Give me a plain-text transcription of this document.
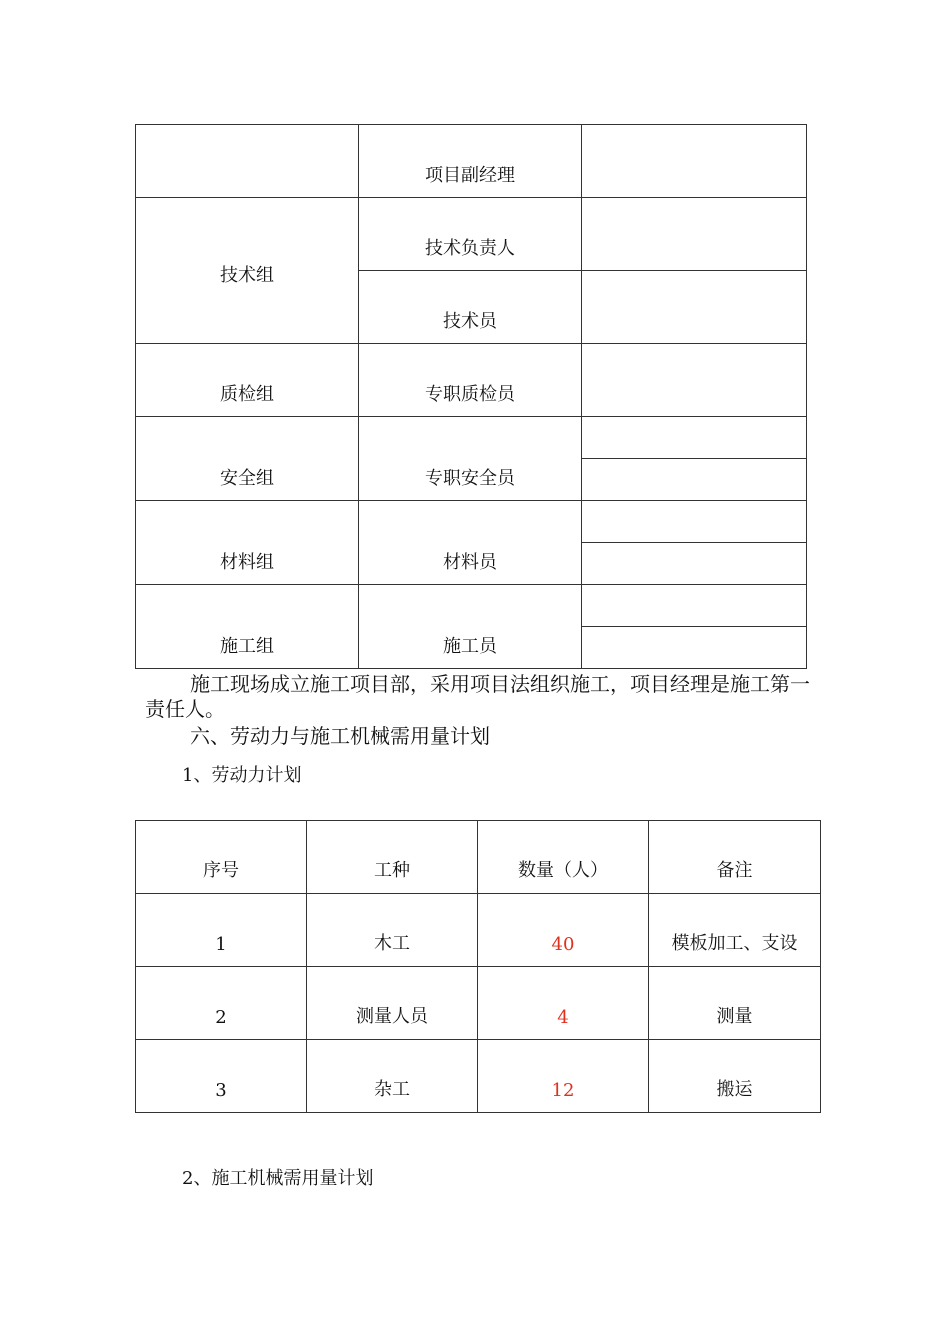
	项目副经理	
技术组	技术负责人	
	技术员	
质检组	专职质检员	
安全组	专职安全员	

材料组	材料员	

施工组	施工员	

施工现场成立施工项目部，采用项目法组织施工，项目经理是施工第一责任人。
六、劳动力与施工机械需用量计划
1、劳动力计划
序号	工种	数量（人）	备注
1	木工	40	模板加工、支设
2	测量人员	4	测量
3	杂工	12	搬运
2、施工机械需用量计划
